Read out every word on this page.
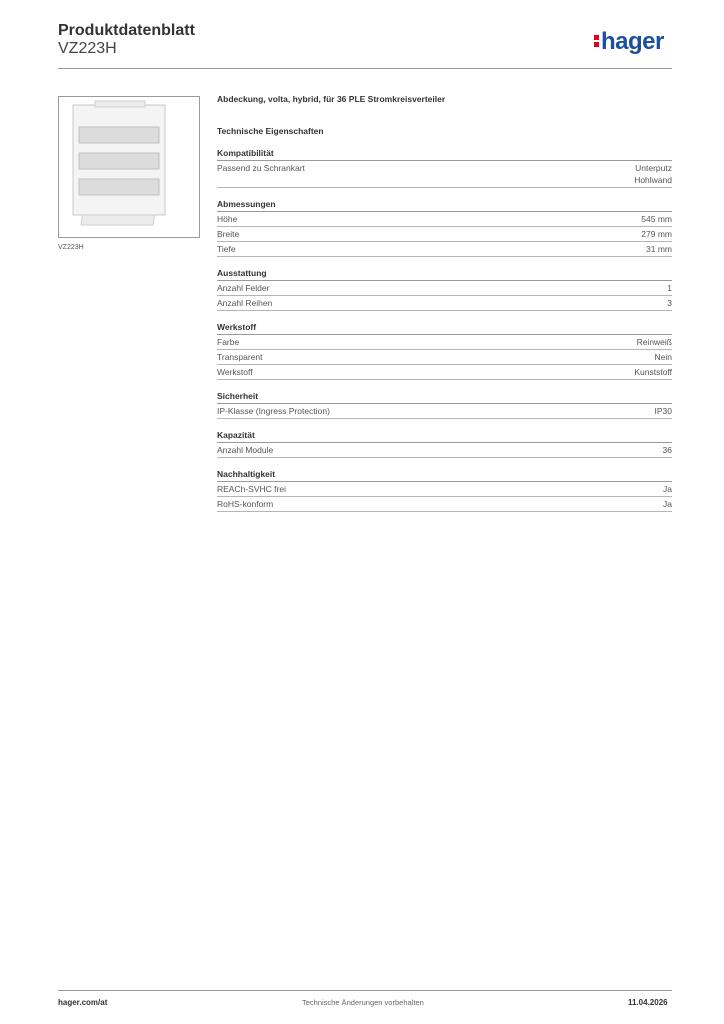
Produktdatenblatt
VZ223H	hager
VZ223H
Abdeckung, volta, hybrid, für 36 PLE Stromkreisverteiler
Technische Eigenschaften
Kompatibilität
Passend zu Schrankart	Unterputz
Hohlwand
Abmessungen
Höhe	545 mm
Breite	279 mm
Tiefe	31 mm
Ausstattung
Anzahl Felder	1
Anzahl Reihen	3
Werkstoff
Farbe	Reinweiß
Transparent	Nein
Werkstoff	Kunststoff
Sicherheit
IP-Klasse (Ingress Protection)	IP30
Kapazität
Anzahl Module	36
Nachhaltigkeit
REACh-SVHC frei	Ja
RoHS-konform	Ja
hager.com/at	Technische Änderungen vorbehalten	11.04.2026
